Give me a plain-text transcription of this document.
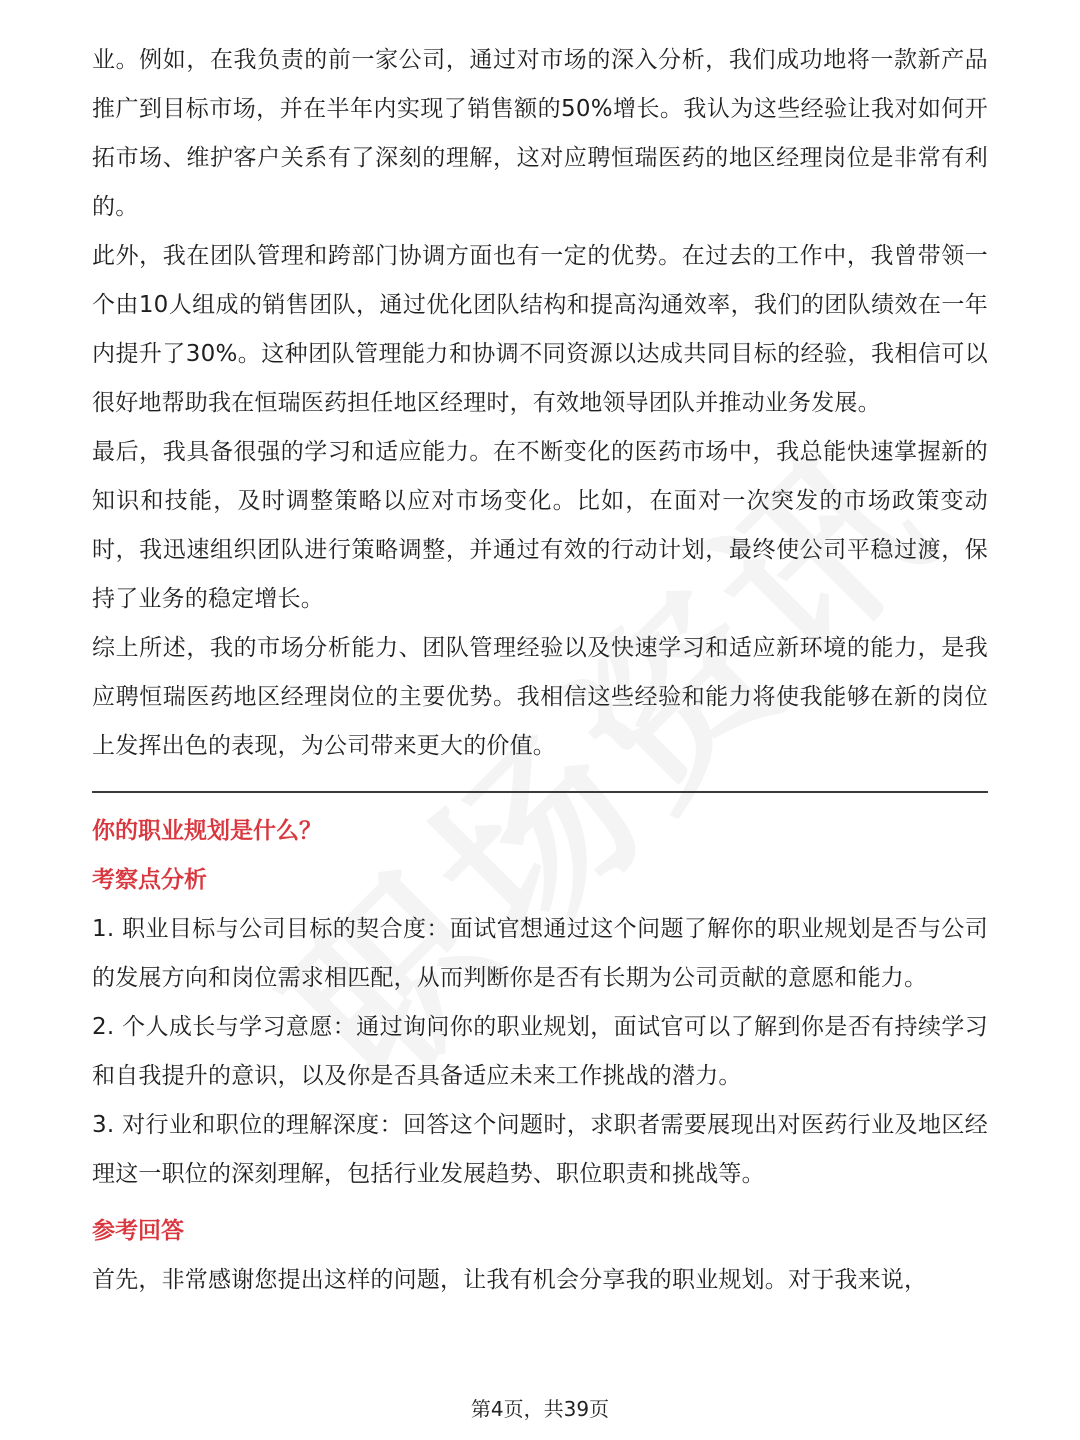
业。例如，在我负责的前一家公司，通过对市场的深入分析，我们成功地将一款新产品推广到目标市场，并在半年内实现了销售额的50%增长。我认为这些经验让我对如何开拓市场、维护客户关系有了深刻的理解，这对应聘恒瑞医药的地区经理岗位是非常有利的。

此外，我在团队管理和跨部门协调方面也有一定的优势。在过去的工作中，我曾带领一个由10人组成的销售团队，通过优化团队结构和提高沟通效率，我们的团队绩效在一年内提升了30%。这种团队管理能力和协调不同资源以达成共同目标的经验，我相信可以很好地帮助我在恒瑞医药担任地区经理时，有效地领导团队并推动业务发展。

最后，我具备很强的学习和适应能力。在不断变化的医药市场中，我总能快速掌握新的知识和技能，及时调整策略以应对市场变化。比如，在面对一次突发的市场政策变动时，我迅速组织团队进行策略调整，并通过有效的行动计划，最终使公司平稳过渡，保持了业务的稳定增长。

综上所述，我的市场分析能力、团队管理经验以及快速学习和适应新环境的能力，是我应聘恒瑞医药地区经理岗位的主要优势。我相信这些经验和能力将使我能够在新的岗位上发挥出色的表现，为公司带来更大的价值。

你的职业规划是什么？

考察点分析

1. 职业目标与公司目标的契合度：面试官想通过这个问题了解你的职业规划是否与公司的发展方向和岗位需求相匹配，从而判断你是否有长期为公司贡献的意愿和能力。

2. 个人成长与学习意愿：通过询问你的职业规划，面试官可以了解到你是否有持续学习和自我提升的意识，以及你是否具备适应未来工作挑战的潜力。

3. 对行业和职位的理解深度：回答这个问题时，求职者需要展现出对医药行业及地区经理这一职位的深刻理解，包括行业发展趋势、职位职责和挑战等。

参考回答

首先，非常感谢您提出这样的问题，让我有机会分享我的职业规划。对于我来说，

第4页，共39页
